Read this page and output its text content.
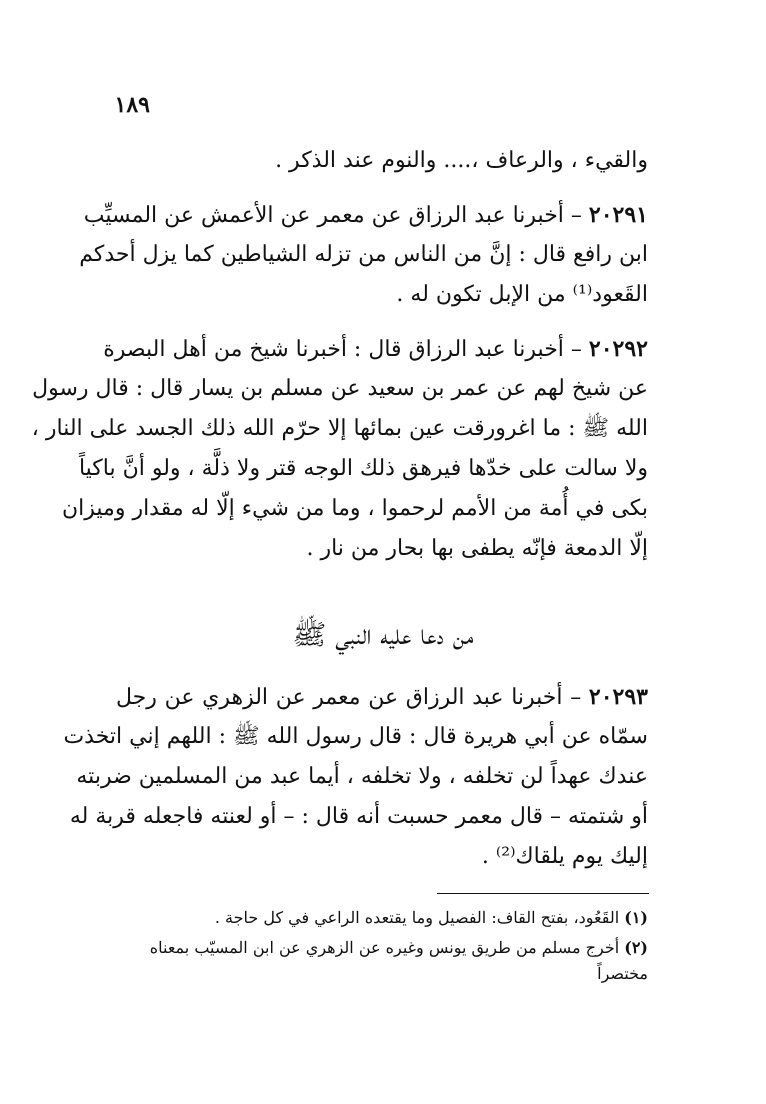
١٨٩
والقيء ، والرعاف ،.... والنوم عند الذكر .
٢٠٢٩١ – أخبرنا عبد الرزاق عن معمر عن الأعمش عن المسيِّب
ابن رافع قال : إنَّ من الناس من تزله الشياطين كما يزل أحدكم
القَعود⁽¹⁾ من الإبل تكون له .
٢٠٢٩٢ – أخبرنا عبد الرزاق قال : أخبرنا شيخ من أهل البصرة
عن شيخ لهم عن عمر بن سعيد عن مسلم بن يسار قال : قال رسول
الله ﷺ : ما اغرورقت عين بمائها إلا حرّم الله ذلك الجسد على النار ،
ولا سالت على خدّها فيرهق ذلك الوجه قتر ولا ذلَّة ، ولو أنَّ باكياً
بكى في أُمة من الأمم لرحموا ، وما من شيء إلّا له مقدار وميزان
إلّا الدمعة فإنّه يطفى بها بحار من نار .
من دعا عليه النبي ﷺ
٢٠٢٩٣ – أخبرنا عبد الرزاق عن معمر عن الزهري عن رجل
سمّاه عن أبي هريرة قال : قال رسول الله ﷺ : اللهم إني اتخذت
عندك عهداً لن تخلفه ، ولا تخلفه ، أيما عبد من المسلمين ضربته
أو شتمته – قال معمر حسبت أنه قال : – أو لعنته فاجعله قربة له
إليك يوم يلقاك⁽²⁾ .
(١) القَعُود، بفتح القاف: الفصيل وما يقتعده الراعي في كل حاجة .
(٢) أخرج مسلم من طريق يونس وغيره عن الزهري عن ابن المسيّب بمعناه
مختصراً
